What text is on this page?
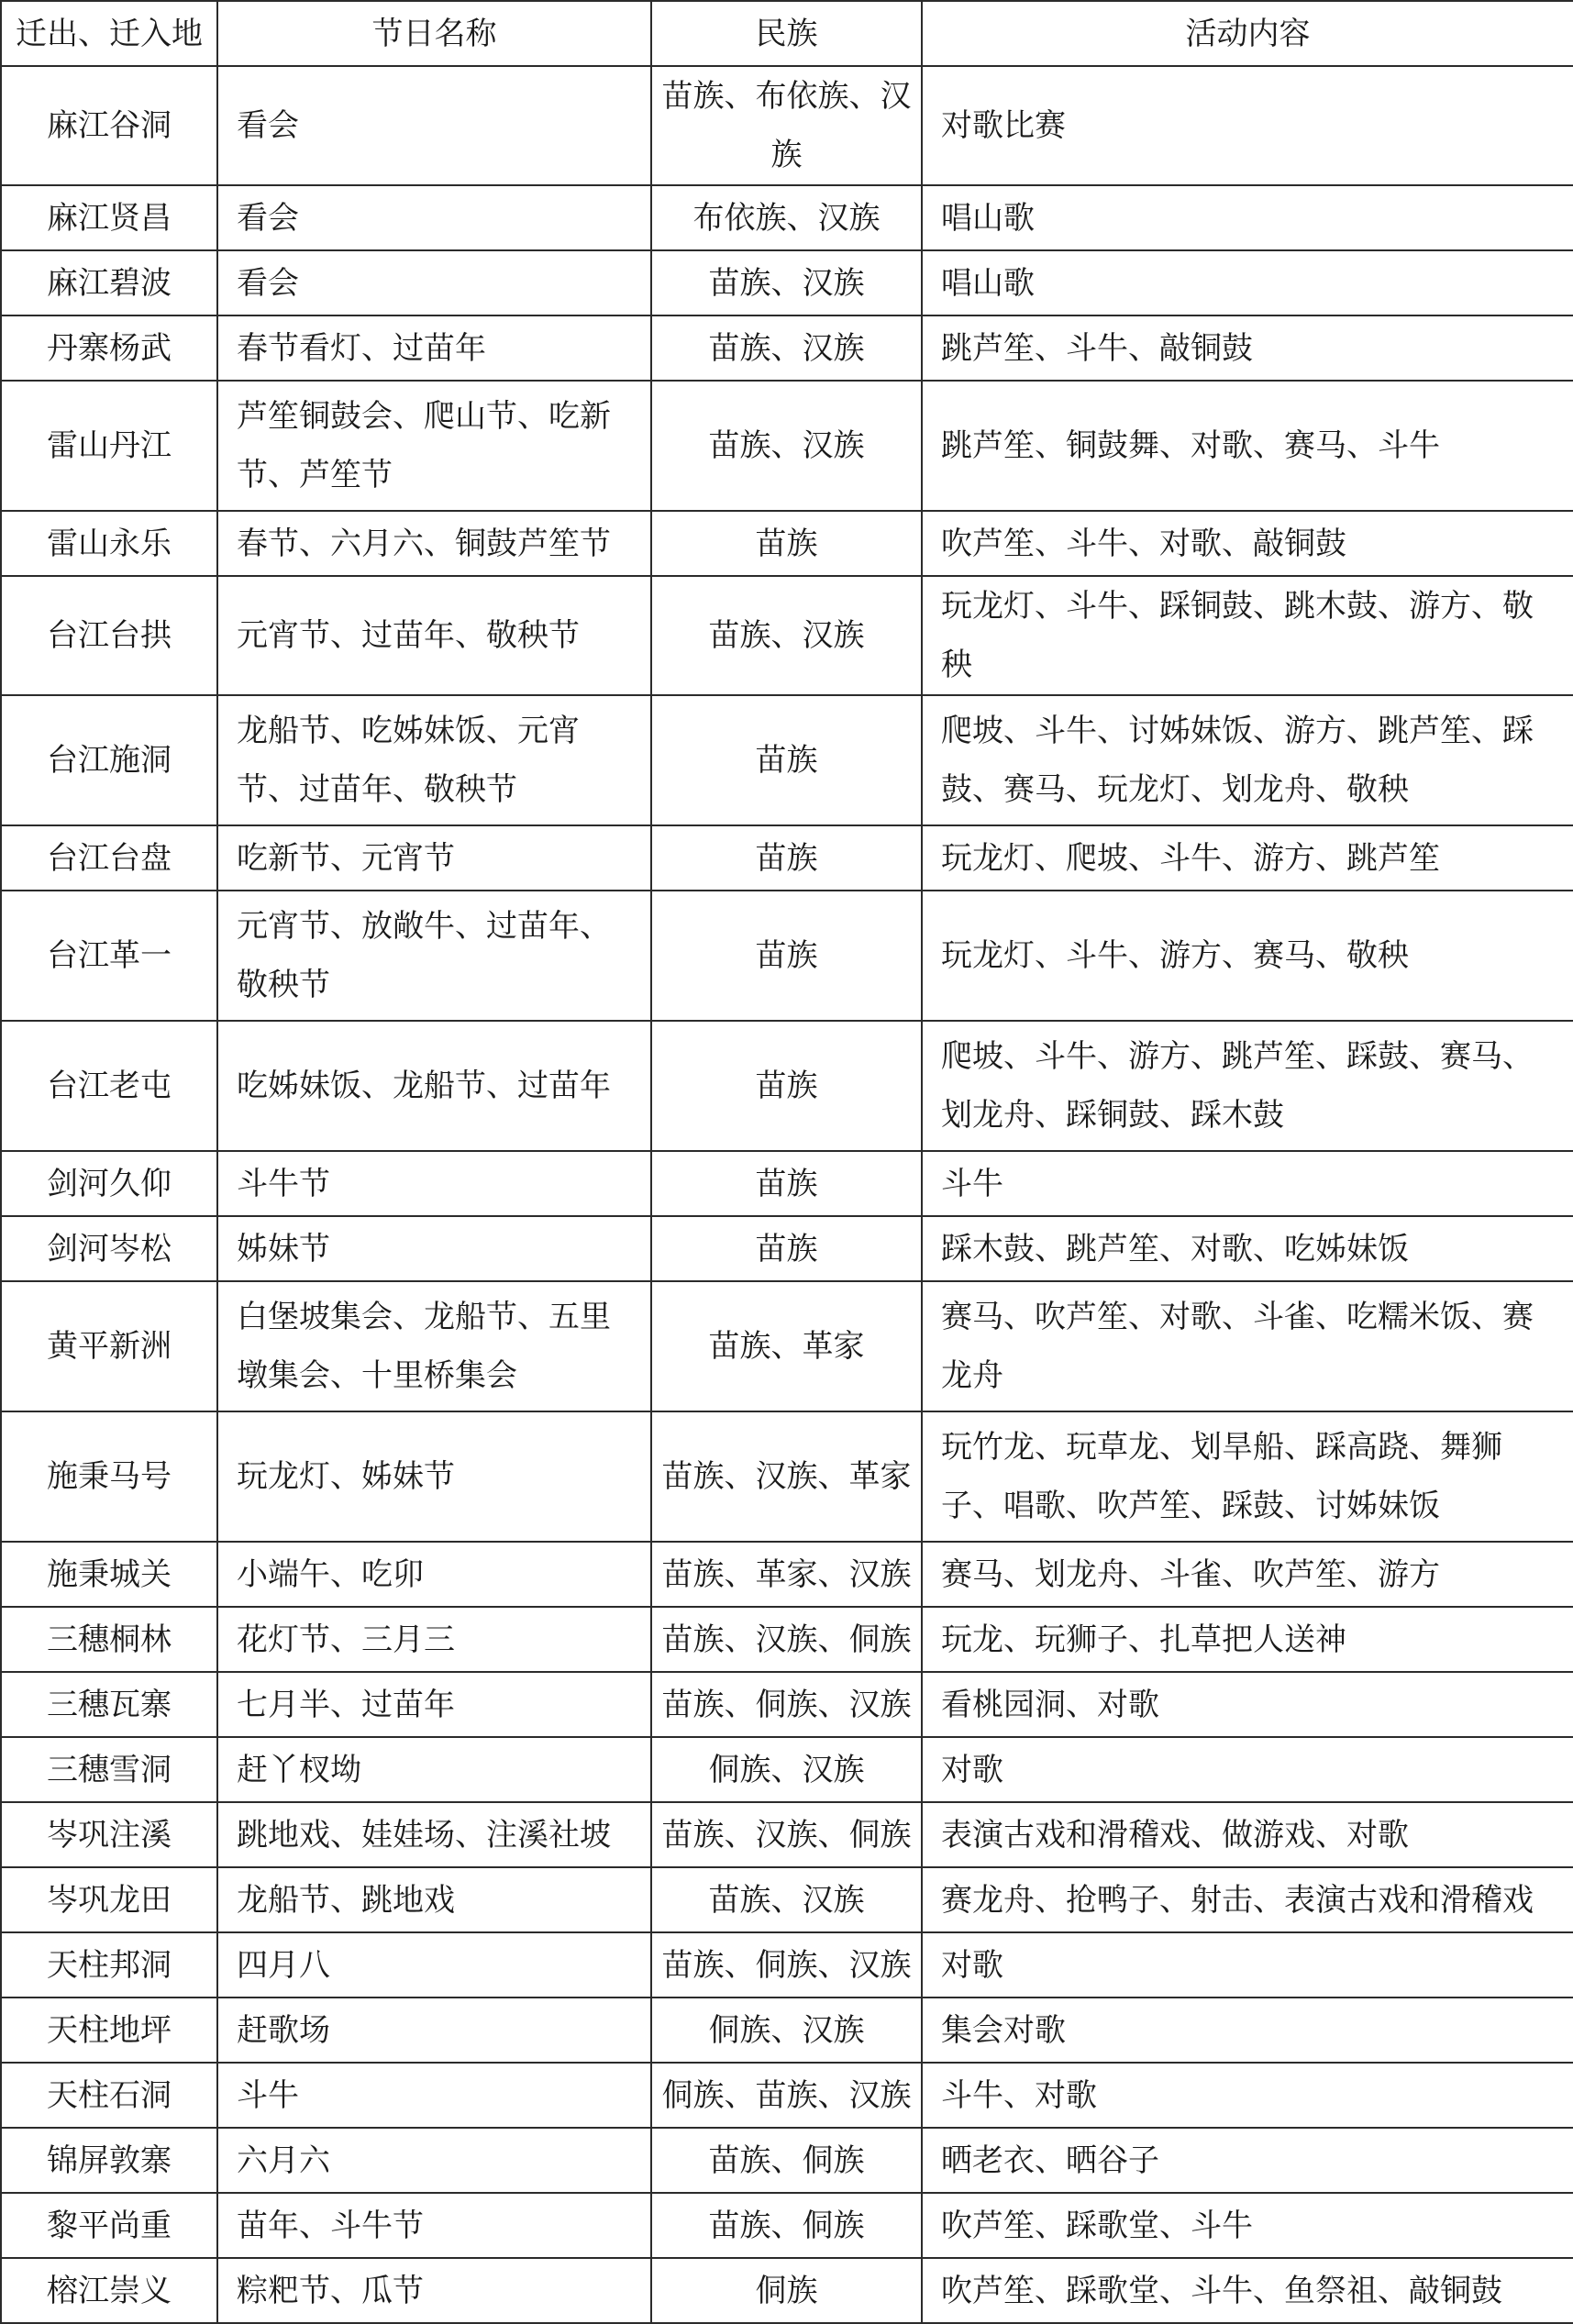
迁出、迁入地	节日名称	民族	活动内容
麻江谷洞	看会	苗族、布依族、汉族	对歌比赛
麻江贤昌	看会	布依族、汉族	唱山歌
麻江碧波	看会	苗族、汉族	唱山歌
丹寨杨武	春节看灯、过苗年	苗族、汉族	跳芦笙、斗牛、敲铜鼓
雷山丹江	芦笙铜鼓会、爬山节、吃新节、芦笙节	苗族、汉族	跳芦笙、铜鼓舞、对歌、赛马、斗牛
雷山永乐	春节、六月六、铜鼓芦笙节	苗族	吹芦笙、斗牛、对歌、敲铜鼓
台江台拱	元宵节、过苗年、敬秧节	苗族、汉族	玩龙灯、斗牛、踩铜鼓、跳木鼓、游方、敬秧
台江施洞	龙船节、吃姊妹饭、元宵节、过苗年、敬秧节	苗族	爬坡、斗牛、讨姊妹饭、游方、跳芦笙、踩鼓、赛马、玩龙灯、划龙舟、敬秧
台江台盘	吃新节、元宵节	苗族	玩龙灯、爬坡、斗牛、游方、跳芦笙
台江革一	元宵节、放敞牛、过苗年、敬秧节	苗族	玩龙灯、斗牛、游方、赛马、敬秧
台江老屯	吃姊妹饭、龙船节、过苗年	苗族	爬坡、斗牛、游方、跳芦笙、踩鼓、赛马、划龙舟、踩铜鼓、踩木鼓
剑河久仰	斗牛节	苗族	斗牛
剑河岑松	姊妹节	苗族	踩木鼓、跳芦笙、对歌、吃姊妹饭
黄平新洲	白堡坡集会、龙船节、五里墩集会、十里桥集会	苗族、革家	赛马、吹芦笙、对歌、斗雀、吃糯米饭、赛龙舟
施秉马号	玩龙灯、姊妹节	苗族、汉族、革家	玩竹龙、玩草龙、划旱船、踩高跷、舞狮子、唱歌、吹芦笙、踩鼓、讨姊妹饭
施秉城关	小端午、吃卯	苗族、革家、汉族	赛马、划龙舟、斗雀、吹芦笙、游方
三穗桐林	花灯节、三月三	苗族、汉族、侗族	玩龙、玩狮子、扎草把人送神
三穗瓦寨	七月半、过苗年	苗族、侗族、汉族	看桃园洞、对歌
三穗雪洞	赶丫杈坳	侗族、汉族	对歌
岑巩注溪	跳地戏、娃娃场、注溪社坡	苗族、汉族、侗族	表演古戏和滑稽戏、做游戏、对歌
岑巩龙田	龙船节、跳地戏	苗族、汉族	赛龙舟、抢鸭子、射击、表演古戏和滑稽戏
天柱邦洞	四月八	苗族、侗族、汉族	对歌
天柱地坪	赶歌场	侗族、汉族	集会对歌
天柱石洞	斗牛	侗族、苗族、汉族	斗牛、对歌
锦屏敦寨	六月六	苗族、侗族	晒老衣、晒谷子
黎平尚重	苗年、斗牛节	苗族、侗族	吹芦笙、踩歌堂、斗牛
榕江崇义	粽粑节、瓜节	侗族	吹芦笙、踩歌堂、斗牛、鱼祭祖、敲铜鼓
